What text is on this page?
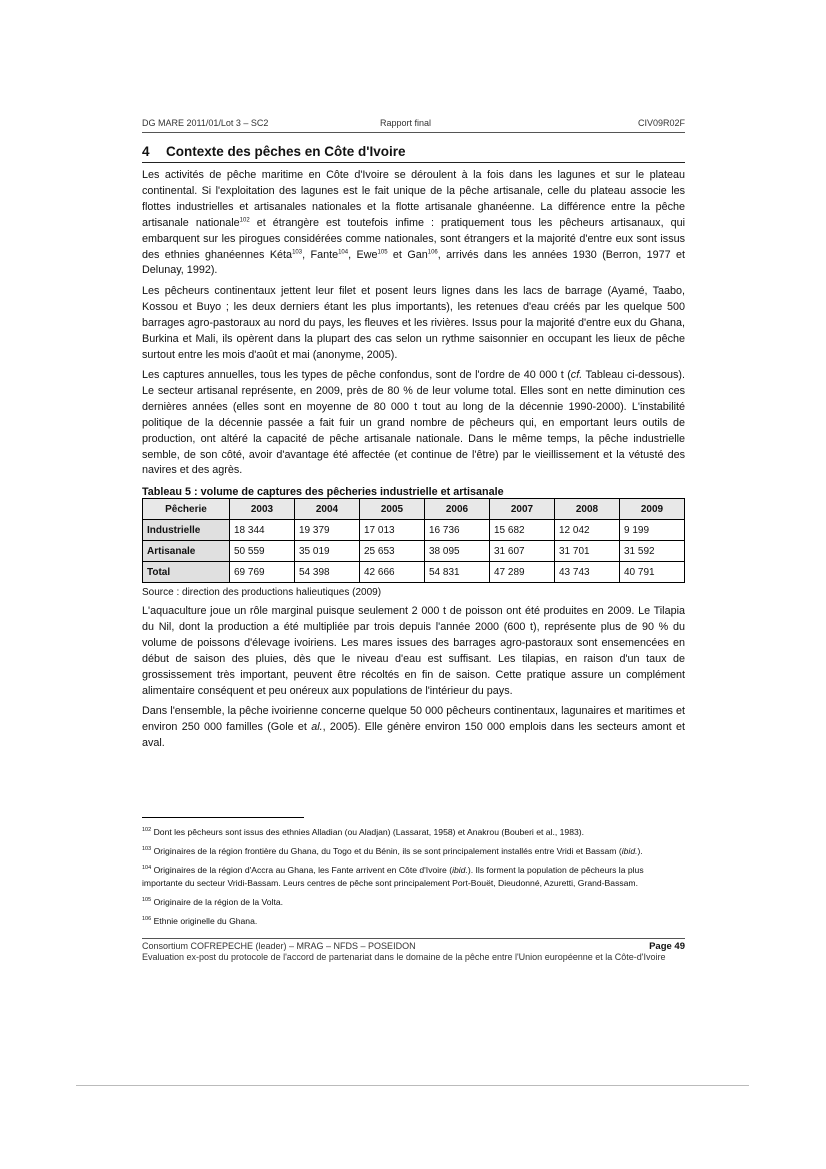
DG MARE 2011/01/Lot 3 – SC2	Rapport final	CIV09R02F
4 Contexte des pêches en Côte d'Ivoire

Les activités de pêche maritime en Côte d'Ivoire se déroulent à la fois dans les lagunes et sur le plateau continental. Si l'exploitation des lagunes est le fait unique de la pêche artisanale, celle du plateau associe les flottes industrielles et artisanales nationales et la flotte artisanale ghanéenne. La différence entre la pêche artisanale nationale$^{102}$ et étrangère est toutefois infime : pratiquement tous les pêcheurs artisanaux, qui embarquent sur les pirogues considérées comme nationales, sont étrangers et la majorité d'entre eux sont issus des ethnies ghanéennes Kéta$^{103}$, Fante$^{104}$, Ewe$^{105}$ et Gan$^{106}$, arrivés dans les années 1930 (Berron, 1977 et Delunay, 1992).

Les pêcheurs continentaux jettent leur filet et posent leurs lignes dans les lacs de barrage (Ayamé, Taabo, Kossou et Buyo ; les deux derniers étant les plus importants), les retenues d'eau créés par les quelque 500 barrages agro-pastoraux au nord du pays, les fleuves et les rivières. Issus pour la majorité d'entre eux du Ghana, Burkina et Mali, ils opèrent dans la plupart des cas selon un rythme saisonnier en occupant les lieux de pêche surtout entre les mois d'août et mai (anonyme, 2005).

Les captures annuelles, tous les types de pêche confondus, sont de l'ordre de 40 000 t (cf. Tableau ci-dessous). Le secteur artisanal représente, en 2009, près de 80 % de leur volume total. Elles sont en nette diminution ces dernières années (elles sont en moyenne de 80 000 t tout au long de la décennie 1990-2000). L'instabilité politique de la décennie passée a fait fuir un grand nombre de pêcheurs qui, en emportant leurs outils de production, ont altéré la capacité de pêche artisanale nationale. Dans le même temps, la pêche industrielle semble, de son côté, avoir d'avantage été affectée (et continue de l'être) par le vieillissement et la vétusté des navires et des agrès.

Tableau 5 : volume de captures des pêcheries industrielle et artisanale
Pêcherie	2003	2004	2005	2006	2007	2008	2009
Industrielle	18 344	19 379	17 013	16 736	15 682	12 042	9 199
Artisanale	50 559	35 019	25 653	38 095	31 607	31 701	31 592
Total	69 769	54 398	42 666	54 831	47 289	43 743	40 791
Source : direction des productions halieutiques (2009)

L'aquaculture joue un rôle marginal puisque seulement 2 000 t de poisson ont été produites en 2009. Le Tilapia du Nil, dont la production a été multipliée par trois depuis l'année 2000 (600 t), représente plus de 90 % du volume de poissons d'élevage ivoiriens. Les mares issues des barrages agro-pastoraux sont ensemencées en début de saison des pluies, dès que le niveau d'eau est suffisant. Les tilapias, en raison d'un taux de grossissement très important, peuvent être récoltés en fin de saison. Cette pratique assure un complément alimentaire conséquent et peu onéreux aux populations de l'intérieur du pays.

Dans l'ensemble, la pêche ivoirienne concerne quelque 50 000 pêcheurs continentaux, lagunaires et maritimes et environ 250 000 familles (Gole et al., 2005). Elle génère environ 150 000 emplois dans les secteurs amont et aval.

$^{102}$ Dont les pêcheurs sont issus des ethnies Alladian (ou Aladjan) (Lassarat, 1958) et Anakrou (Bouberi et al., 1983).

$^{103}$ Originaires de la région frontière du Ghana, du Togo et du Bénin, ils se sont principalement installés entre Vridi et Bassam (ibid.).

$^{104}$ Originaires de la région d'Accra au Ghana, les Fante arrivent en Côte d'Ivoire (ibid.). Ils forment la population de pêcheurs la plus importante du secteur Vridi-Bassam. Leurs centres de pêche sont principalement Port-Bouët, Dieudonné, Azuretti, Grand-Bassam.

$^{105}$ Originaire de la région de la Volta.

$^{106}$ Ethnie originelle du Ghana.

Consortium COFREPECHE (leader) – MRAG – NFDS – POSEIDON
Evaluation ex-post du protocole de l'accord de partenariat dans le domaine de la pêche entre l'Union européenne et la Côte-d'Ivoire
Page 49
